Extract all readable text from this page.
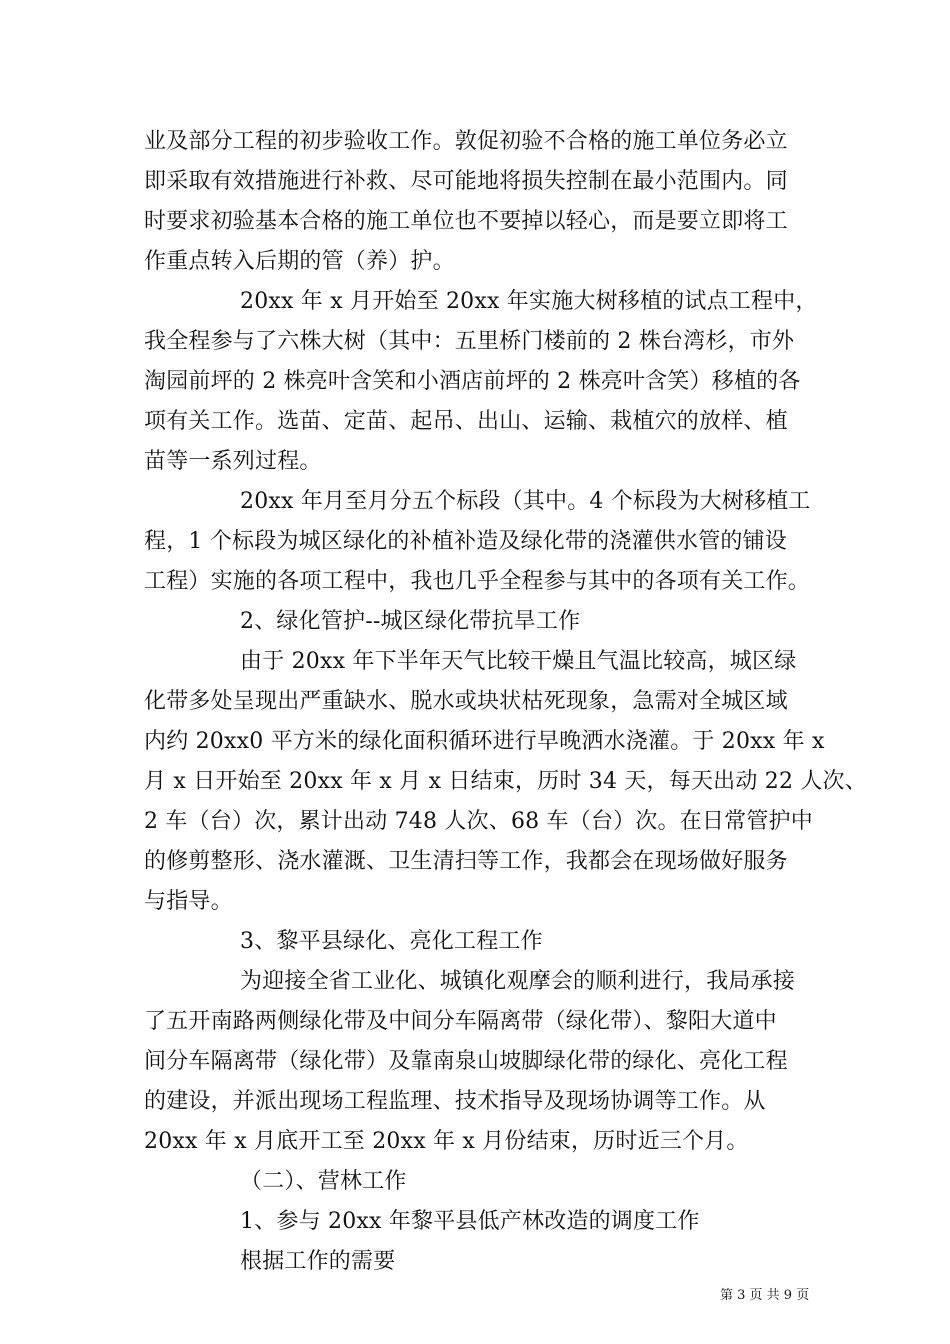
业及部分工程的初步验收工作。敦促初验不合格的施工单位务必立
即采取有效措施进行补救、尽可能地将损失控制在最小范围内。同
时要求初验基本合格的施工单位也不要掉以轻心，而是要立即将工
作重点转入后期的管（养）护。
20xx 年 x 月开始至 20xx 年实施大树移植的试点工程中，
我全程参与了六株大树（其中：五里桥门楼前的 2 株台湾杉，市外
淘园前坪的 2 株亮叶含笑和小酒店前坪的 2 株亮叶含笑）移植的各
项有关工作。选苗、定苗、起吊、出山、运输、栽植穴的放样、植
苗等一系列过程。
20xx 年月至月分五个标段（其中。4 个标段为大树移植工
程，1 个标段为城区绿化的补植补造及绿化带的浇灌供水管的铺设
工程）实施的各项工程中，我也几乎全程参与其中的各项有关工作。
2、绿化管护--城区绿化带抗旱工作
由于 20xx 年下半年天气比较干燥且气温比较高，城区绿
化带多处呈现出严重缺水、脱水或块状枯死现象，急需对全城区域
内约 20xx0 平方米的绿化面积循环进行早晚洒水浇灌。于 20xx 年 x
月 x 日开始至 20xx 年 x 月 x 日结束，历时 34 天，每天出动 22 人次、
2 车（台）次，累计出动 748 人次、68 车（台）次。在日常管护中
的修剪整形、浇水灌溉、卫生清扫等工作，我都会在现场做好服务
与指导。
3、黎平县绿化、亮化工程工作
为迎接全省工业化、城镇化观摩会的顺利进行，我局承接
了五开南路两侧绿化带及中间分车隔离带（绿化带）、黎阳大道中
间分车隔离带（绿化带）及靠南泉山坡脚绿化带的绿化、亮化工程
的建设，并派出现场工程监理、技术指导及现场协调等工作。从
20xx 年 x 月底开工至 20xx 年 x 月份结束，历时近三个月。
（二）、营林工作
1、参与 20xx 年黎平县低产林改造的调度工作
根据工作的需要
第 3 页 共 9 页
